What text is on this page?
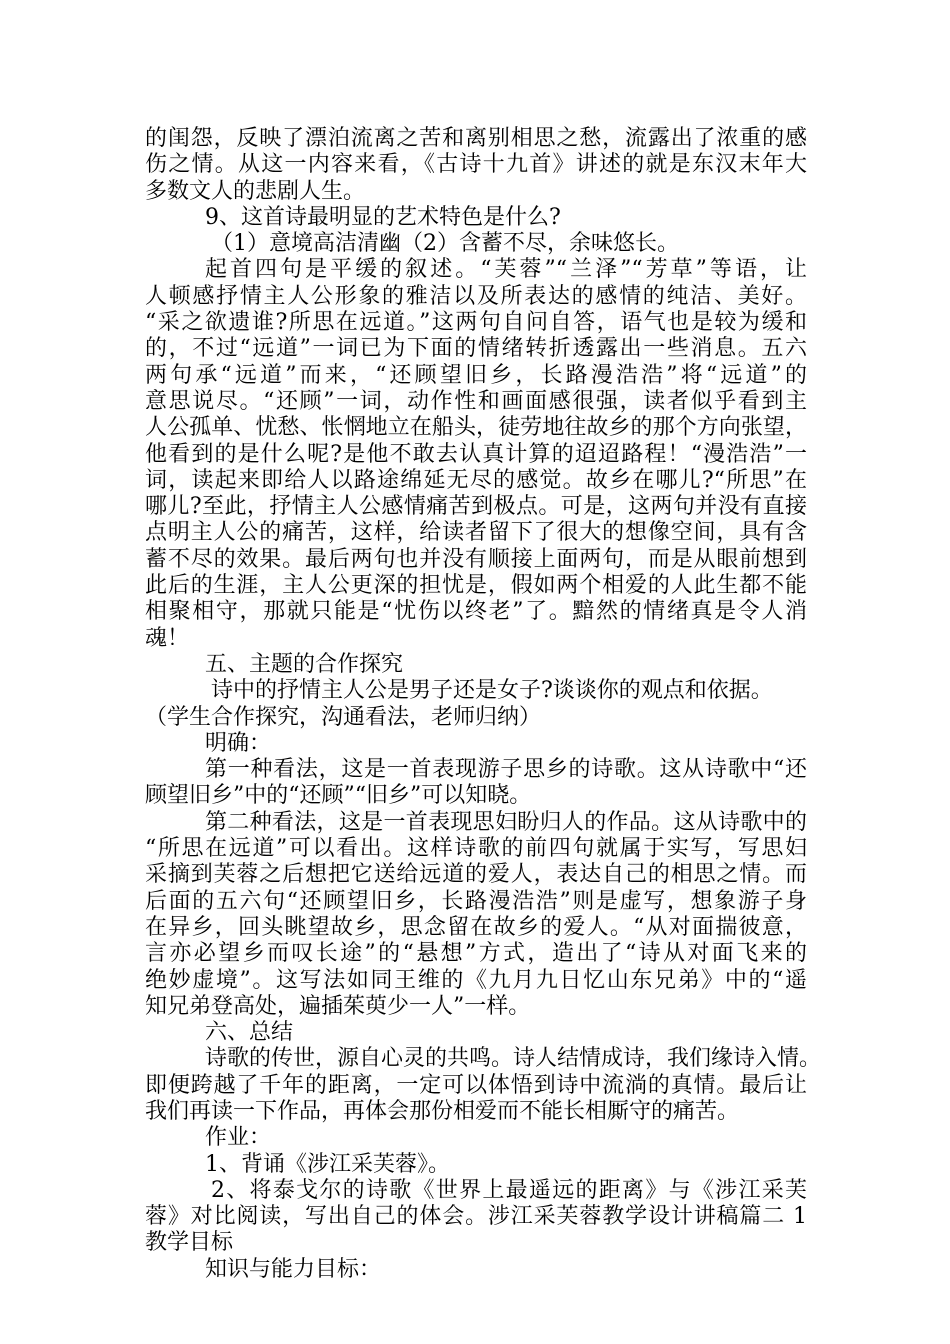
的闺怨，反映了漂泊流离之苦和离别相思之愁，流露出了浓重的感
伤之情。从这一内容来看，《古诗十九首》讲述的就是东汉末年大
多数文人的悲剧人生。
9、这首诗最明显的艺术特色是什么?
（1）意境高洁清幽（2）含蓄不尽，余味悠长。
起首四句是平缓的叙述。“芙蓉”“兰泽”“芳草”等语，让
人顿感抒情主人公形象的雅洁以及所表达的感情的纯洁、美好。
“采之欲遗谁?所思在远道。”这两句自问自答，语气也是较为缓和
的，不过“远道”一词已为下面的情绪转折透露出一些消息。五六
两句承“远道”而来，“还顾望旧乡，长路漫浩浩”将“远道”的
意思说尽。“还顾”一词，动作性和画面感很强，读者似乎看到主
人公孤单、忧愁、怅惘地立在船头，徒劳地往故乡的那个方向张望，
他看到的是什么呢?是他不敢去认真计算的迢迢路程！“漫浩浩”一
词，读起来即给人以路途绵延无尽的感觉。故乡在哪儿?“所思”在
哪儿?至此，抒情主人公感情痛苦到极点。可是，这两句并没有直接
点明主人公的痛苦，这样，给读者留下了很大的想像空间，具有含
蓄不尽的效果。最后两句也并没有顺接上面两句，而是从眼前想到
此后的生涯，主人公更深的担忧是，假如两个相爱的人此生都不能
相聚相守，那就只能是“忧伤以终老”了。黯然的情绪真是令人消
魂！
五、主题的合作探究
诗中的抒情主人公是男子还是女子?谈谈你的观点和依据。
（学生合作探究，沟通看法，老师归纳）
明确：
第一种看法，这是一首表现游子思乡的诗歌。这从诗歌中“还
顾望旧乡”中的“还顾”“旧乡”可以知晓。
第二种看法，这是一首表现思妇盼归人的作品。这从诗歌中的
“所思在远道”可以看出。这样诗歌的前四句就属于实写，写思妇
采摘到芙蓉之后想把它送给远道的爱人，表达自己的相思之情。而
后面的五六句“还顾望旧乡，长路漫浩浩”则是虚写，想象游子身
在异乡，回头眺望故乡，思念留在故乡的爱人。“从对面揣彼意，
言亦必望乡而叹长途”的“悬想”方式，造出了“诗从对面飞来的
绝妙虚境”。这写法如同王维的《九月九日忆山东兄弟》中的“遥
知兄弟登高处，遍插茱萸少一人”一样。
六、总结
诗歌的传世，源自心灵的共鸣。诗人结情成诗，我们缘诗入情。
即便跨越了千年的距离，一定可以体悟到诗中流淌的真情。最后让
我们再读一下作品，再体会那份相爱而不能长相厮守的痛苦。
作业：
1、背诵《涉江采芙蓉》。
2、将泰戈尔的诗歌《世界上最遥远的距离》与《涉江采芙
蓉》对比阅读，写出自己的体会。涉江采芙蓉教学设计讲稿篇二 1
教学目标
知识与能力目标：
